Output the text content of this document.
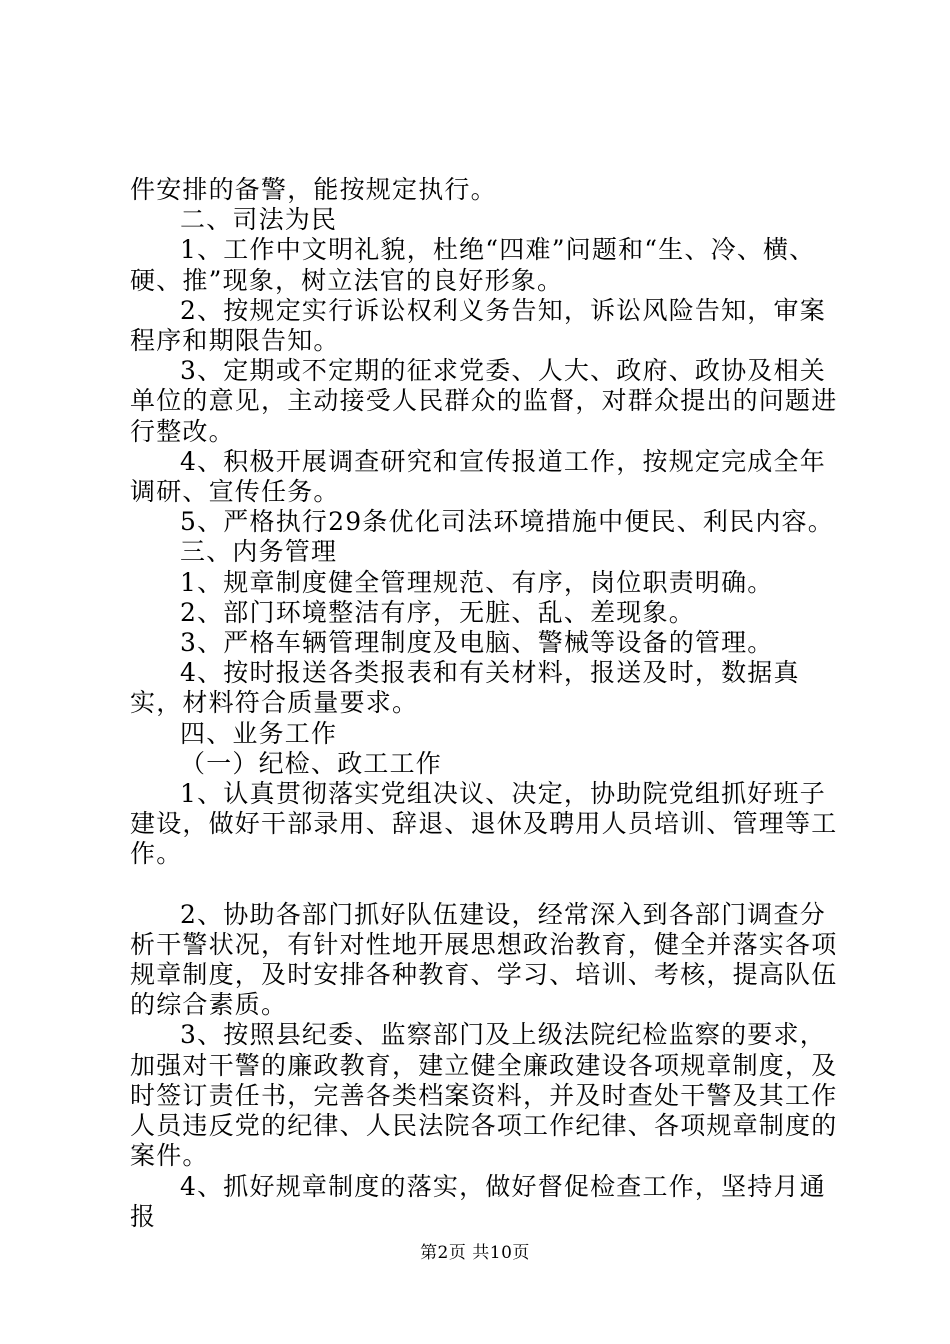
件安排的备警，能按规定执行。

二、司法为民

1、工作中文明礼貌，杜绝“四难”问题和“生、冷、横、硬、推”现象，树立法官的良好形象。

2、按规定实行诉讼权利义务告知，诉讼风险告知，审案程序和期限告知。

3、定期或不定期的征求党委、人大、政府、政协及相关单位的意见，主动接受人民群众的监督，对群众提出的问题进行整改。

4、积极开展调查研究和宣传报道工作，按规定完成全年调研、宣传任务。

5、严格执行29条优化司法环境措施中便民、利民内容。

三、内务管理

1、规章制度健全管理规范、有序，岗位职责明确。

2、部门环境整洁有序，无脏、乱、差现象。

3、严格车辆管理制度及电脑、警械等设备的管理。

4、按时报送各类报表和有关材料，报送及时，数据真实，材料符合质量要求。

四、业务工作

（一）纪检、政工工作

1、认真贯彻落实党组决议、决定，协助院党组抓好班子建设，做好干部录用、辞退、退休及聘用人员培训、管理等工作。

2、协助各部门抓好队伍建设，经常深入到各部门调查分析干警状况，有针对性地开展思想政治教育，健全并落实各项规章制度，及时安排各种教育、学习、培训、考核，提高队伍的综合素质。

3、按照县纪委、监察部门及上级法院纪检监察的要求，加强对干警的廉政教育，建立健全廉政建设各项规章制度，及时签订责任书，完善各类档案资料，并及时查处干警及其工作人员违反党的纪律、人民法院各项工作纪律、各项规章制度的案件。

4、抓好规章制度的落实，做好督促检查工作，坚持月通报

第2页 共10页
